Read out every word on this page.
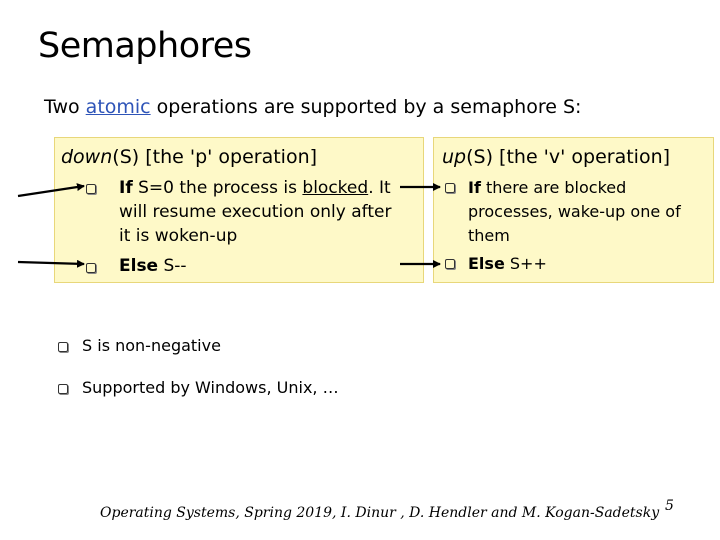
Semaphores
Two atomic operations are supported by a semaphore S:
down(S) [the 'p' operation]
If S=0 the process is blocked. It
will resume execution only after
it is woken-up
Else S--
up(S) [the 'v' operation]
If there are blocked
processes, wake-up one of
them
Else S++
S is non-negative
Supported by Windows, Unix, …
Operating Systems, Spring 2019, I. Dinur , D. Hendler and M. Kogan-Sadetsky 5
